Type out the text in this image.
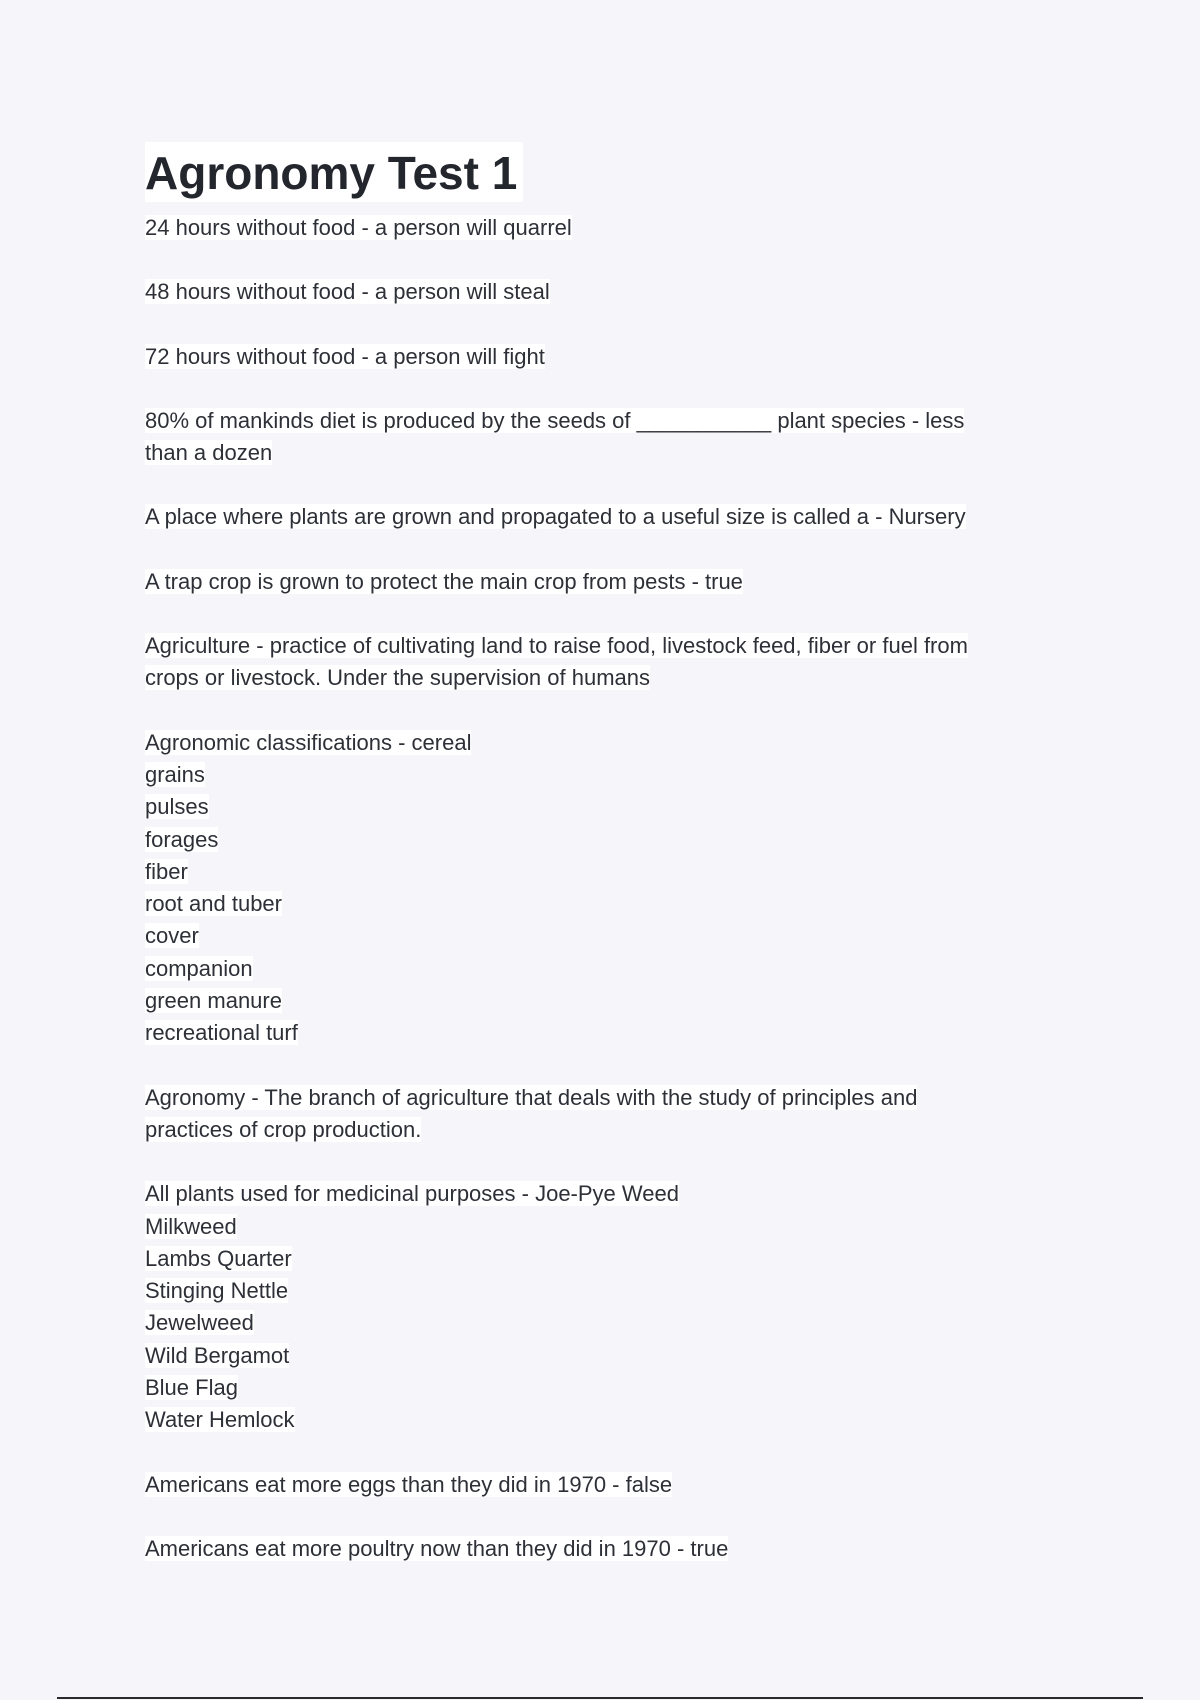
Agronomy Test 1
24 hours without food - a person will quarrel
48 hours without food - a person will steal
72 hours without food - a person will fight
80% of mankinds diet is produced by the seeds of ___________ plant species - less
than a dozen
A place where plants are grown and propagated to a useful size is called a - Nursery
A trap crop is grown to protect the main crop from pests - true
Agriculture - practice of cultivating land to raise food, livestock feed, fiber or fuel from
crops or livestock. Under the supervision of humans
Agronomic classifications - cereal
grains
pulses
forages
fiber
root and tuber
cover
companion
green manure
recreational turf
Agronomy - The branch of agriculture that deals with the study of principles and
practices of crop production.
All plants used for medicinal purposes - Joe-Pye Weed
Milkweed
Lambs Quarter
Stinging Nettle
Jewelweed
Wild Bergamot
Blue Flag
Water Hemlock
Americans eat more eggs than they did in 1970 - false
Americans eat more poultry now than they did in 1970 - true
